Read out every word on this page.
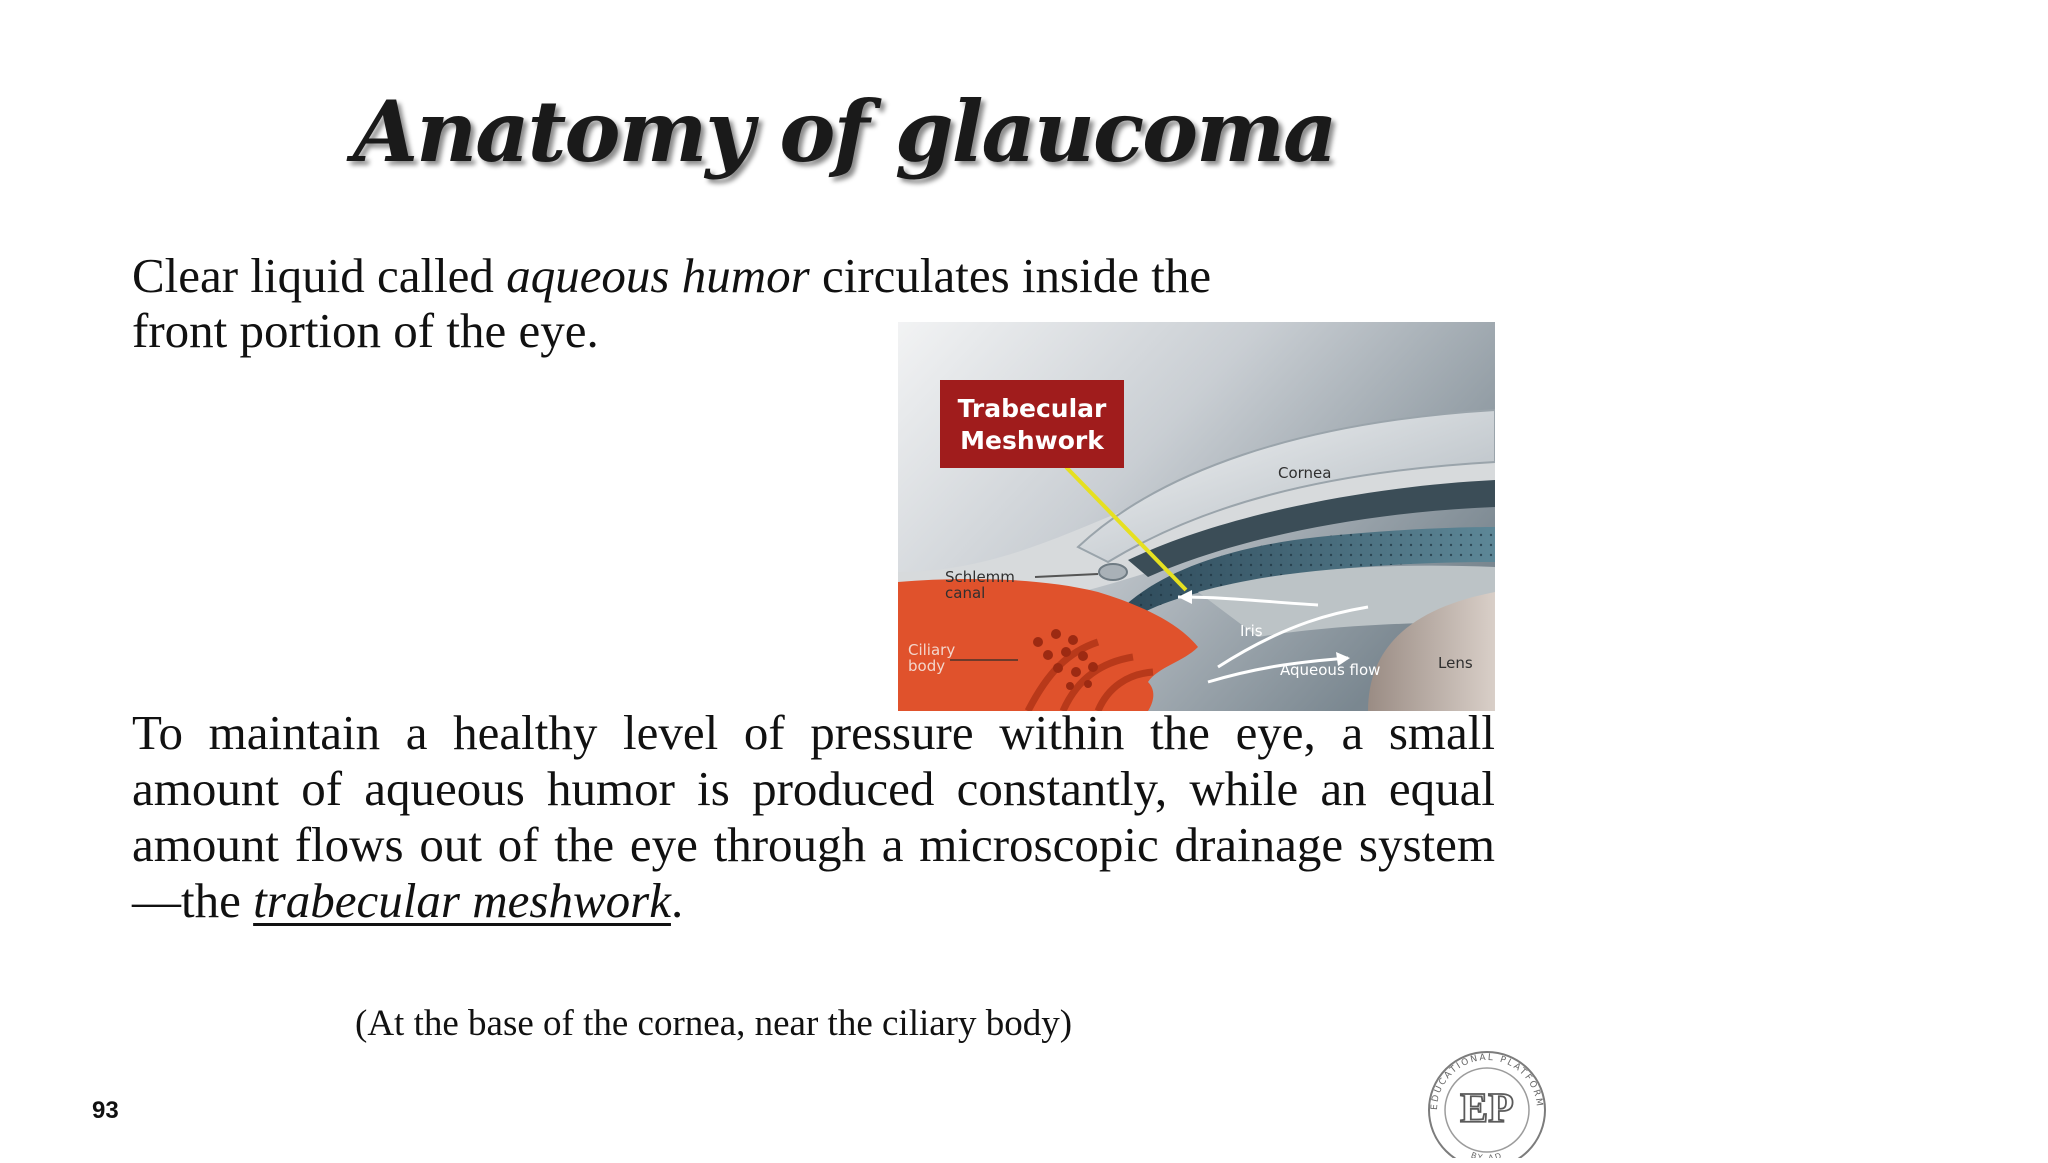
Anatomy of glaucoma
Clear liquid called aqueous humor circulates inside the front portion of the eye.
Trabecular
Meshwork
Cornea
Schlemm
canal
Iris
Ciliary
body	Aqueous flow	Lens
To maintain a healthy level of pressure within the eye, a small amount of aqueous humor is produced constantly, while an equal amount flows out of the eye through a microscopic drainage system—the trabecular meshwork.
(At the base of the cornea, near the ciliary body)
93	EDUCATIONAL PLATFORM
EP
BY AD
